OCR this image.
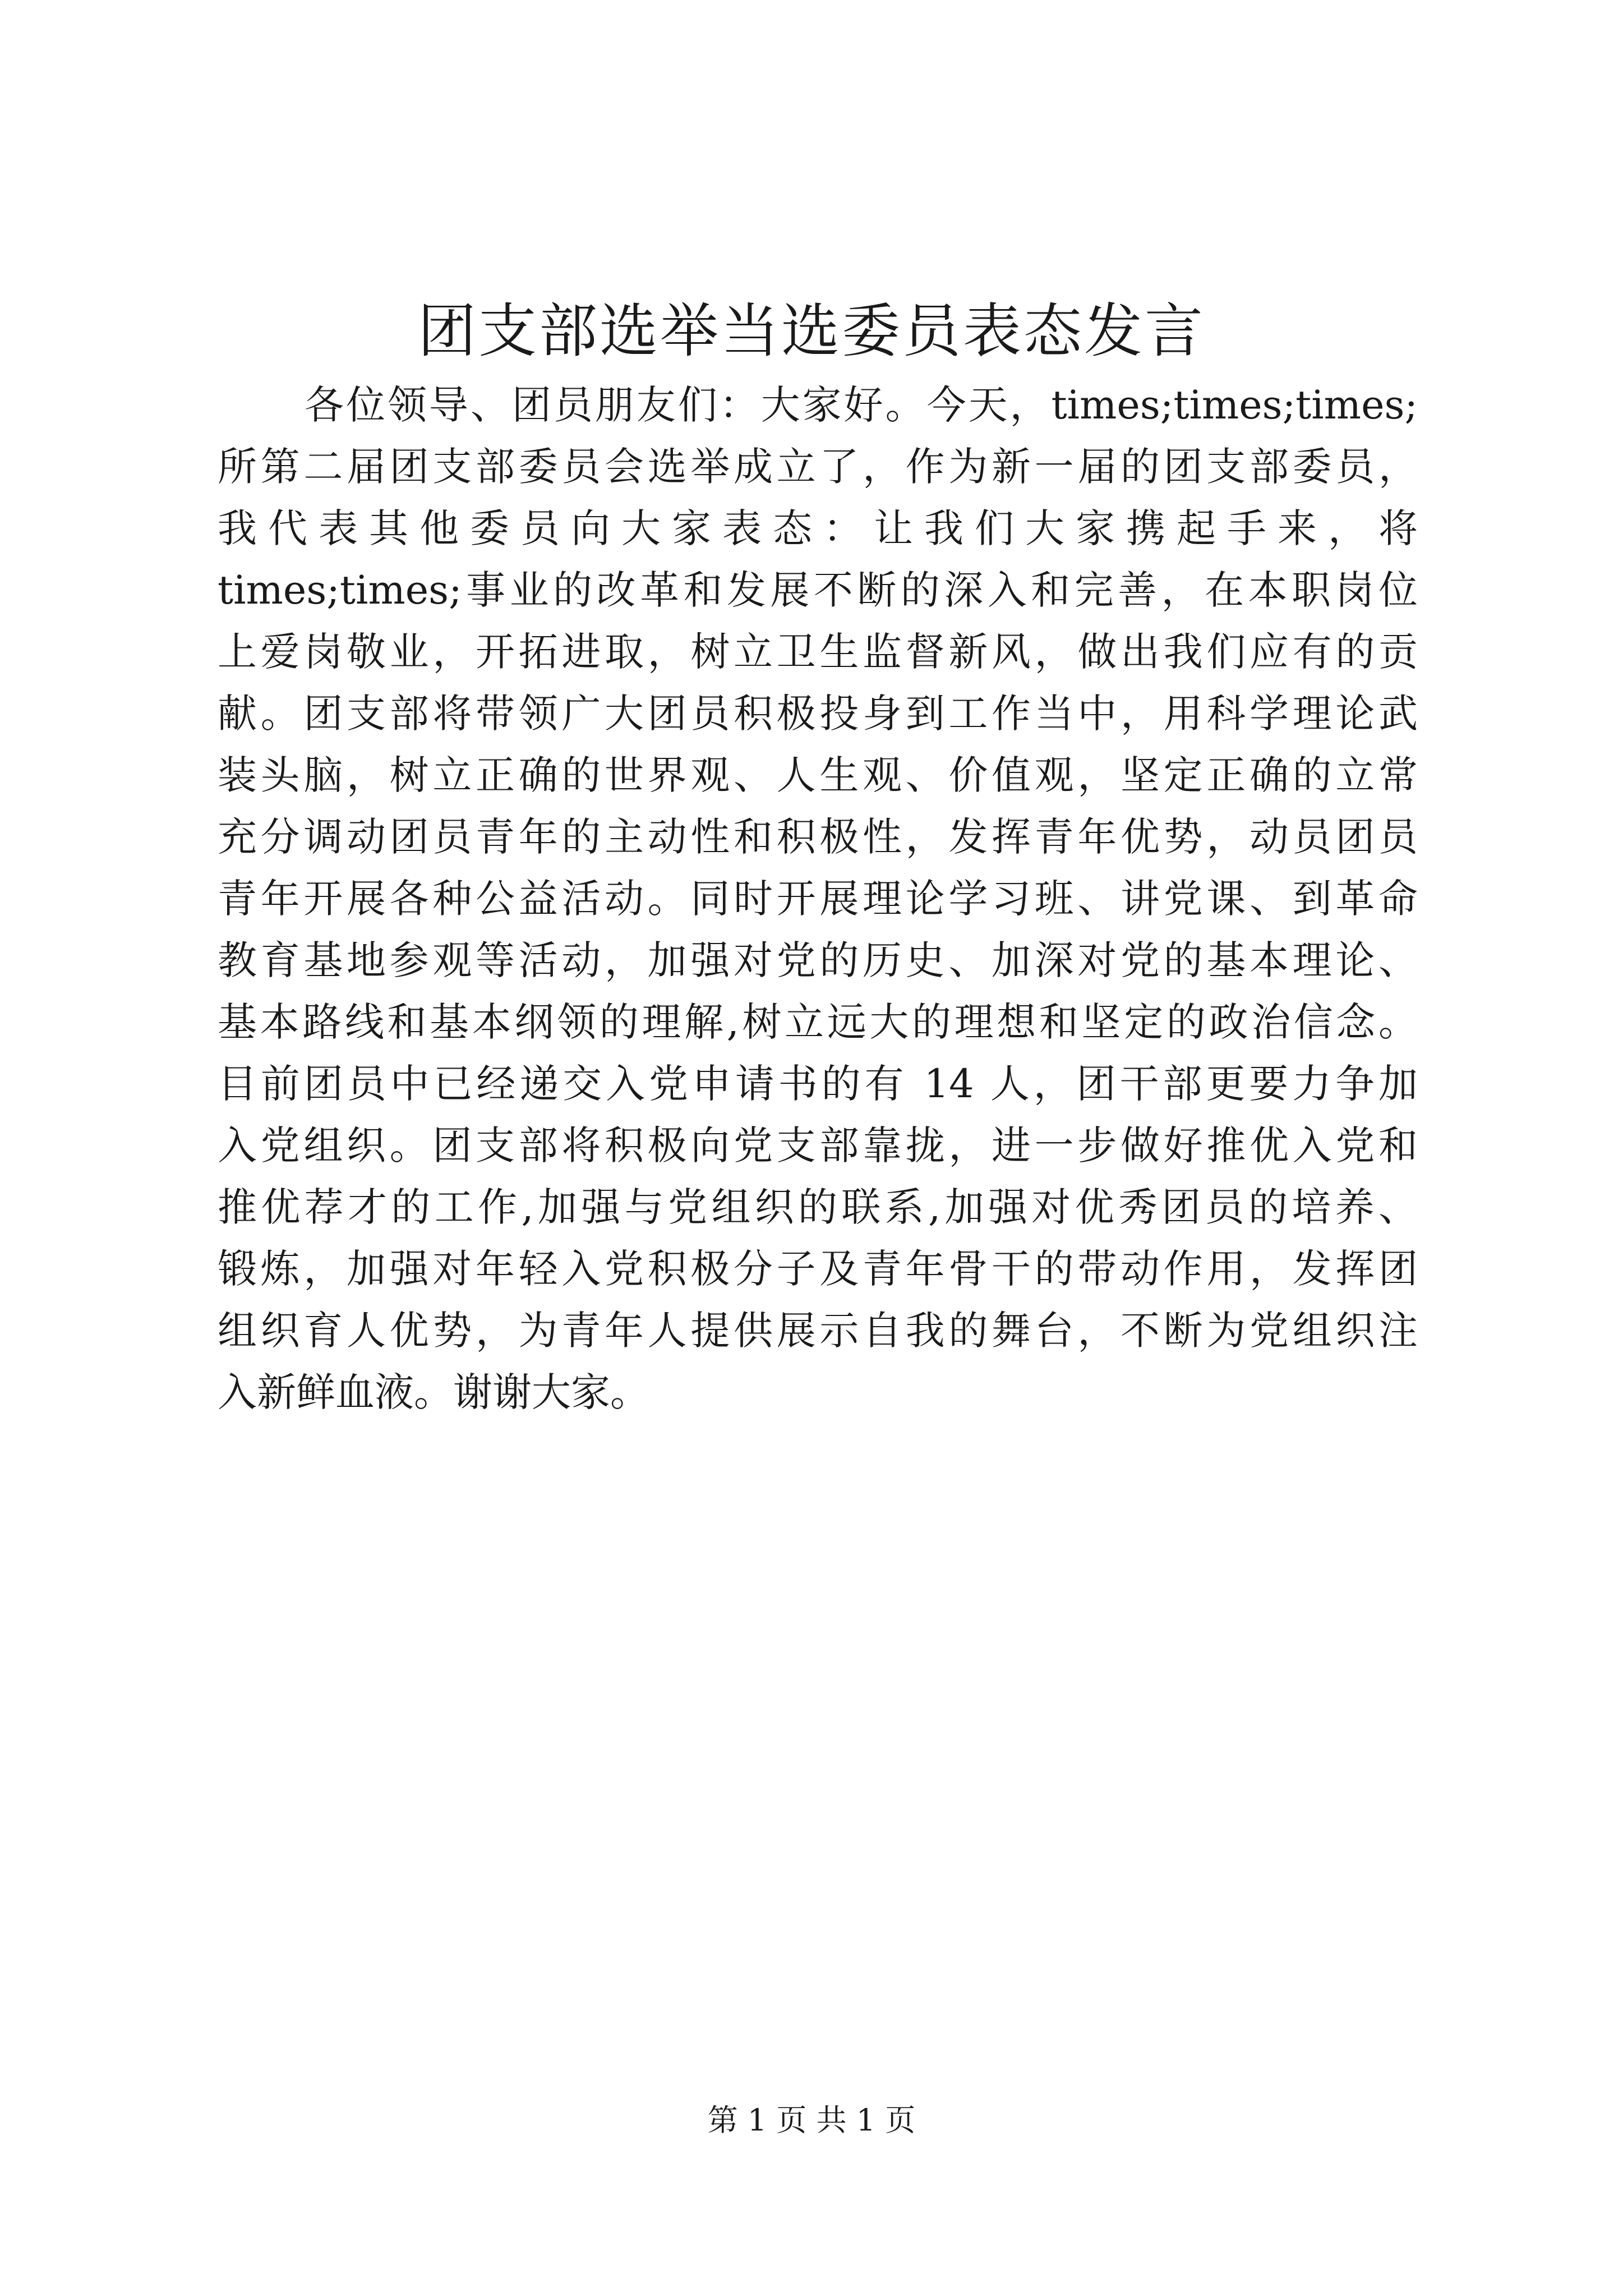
团支部选举当选委员表态发言
各位领导、团员朋友们：大家好。今天，times;times;times;
所第二届团支部委员会选举成立了，作为新一届的团支部委员，
我代表其他委员向大家表态：让我们大家携起手来，将
times;times;事业的改革和发展不断的深入和完善，在本职岗位
上爱岗敬业，开拓进取，树立卫生监督新风，做出我们应有的贡
献。团支部将带领广大团员积极投身到工作当中，用科学理论武
装头脑，树立正确的世界观、人生观、价值观，坚定正确的立常
充分调动团员青年的主动性和积极性，发挥青年优势，动员团员
青年开展各种公益活动。同时开展理论学习班、讲党课、到革命
教育基地参观等活动，加强对党的历史、加深对党的基本理论、
基本路线和基本纲领的理解,树立远大的理想和坚定的政治信念。
目前团员中已经递交入党申请书的有 14 人，团干部更要力争加
入党组织。团支部将积极向党支部靠拢，进一步做好推优入党和
推优荐才的工作,加强与党组织的联系,加强对优秀团员的培养、
锻炼，加强对年轻入党积极分子及青年骨干的带动作用，发挥团
组织育人优势，为青年人提供展示自我的舞台，不断为党组织注
入新鲜血液。谢谢大家。
第 1 页 共 1 页
